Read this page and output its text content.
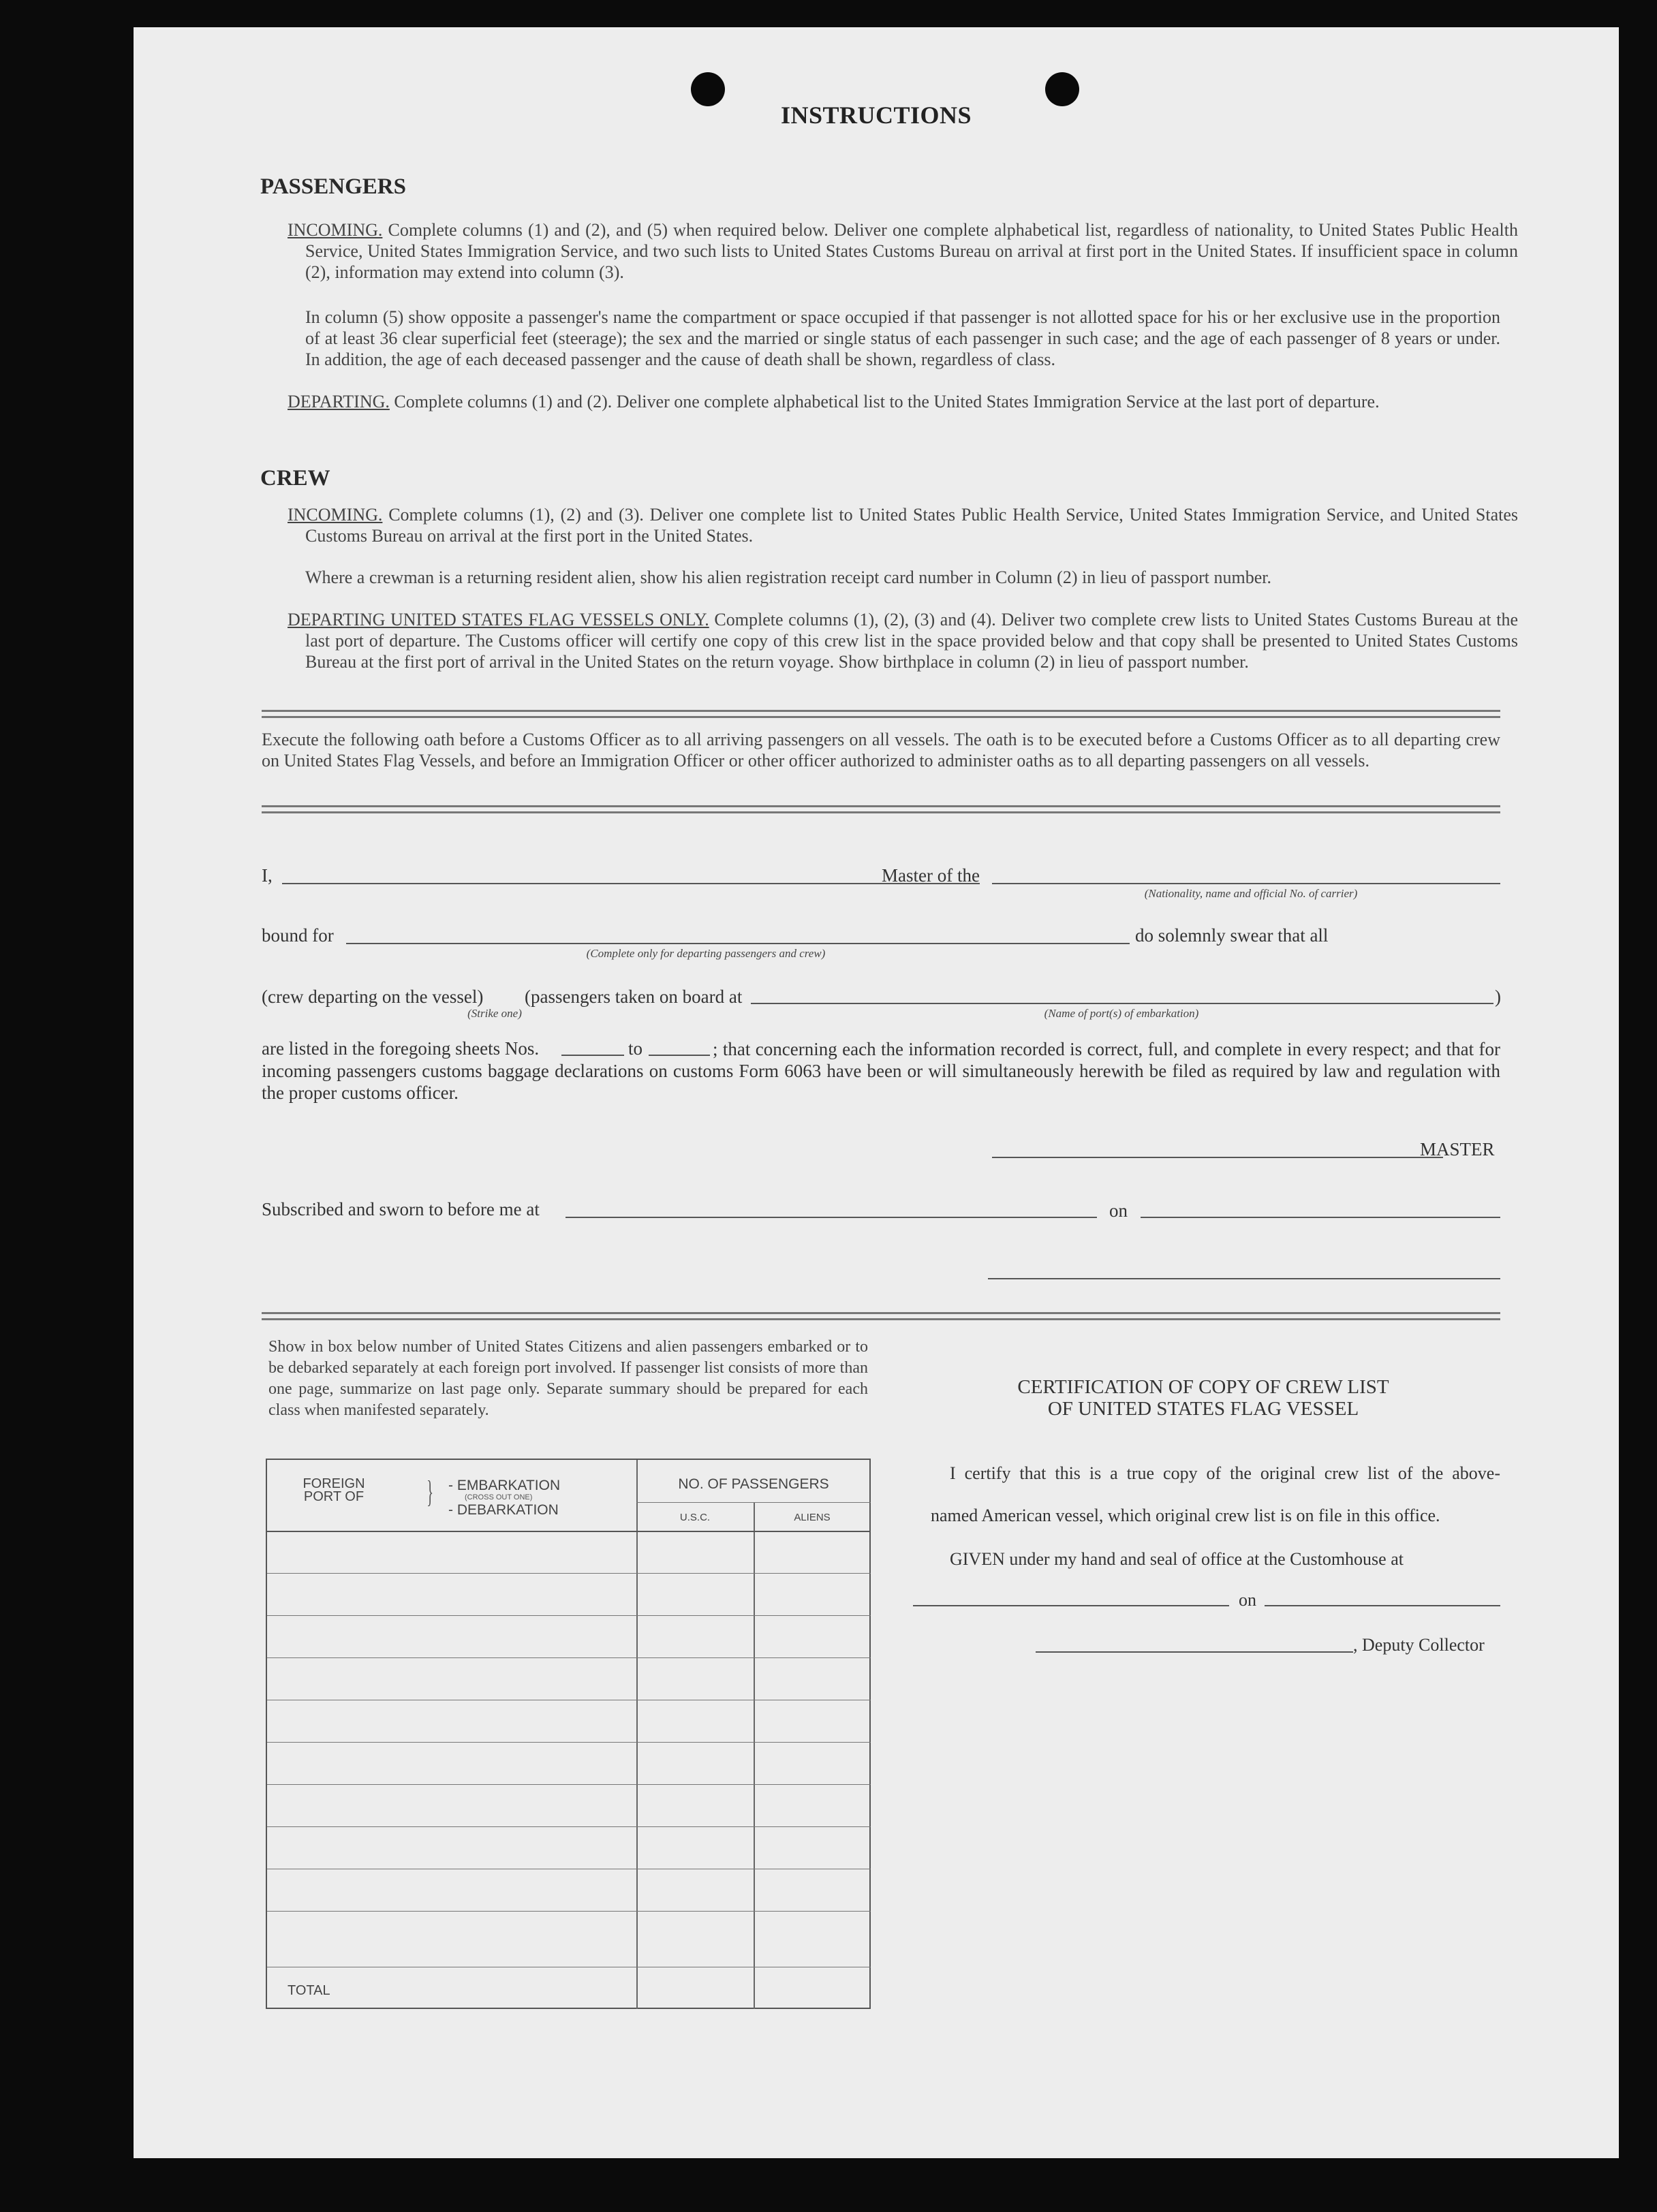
INSTRUCTIONS
PASSENGERS
INCOMING. Complete columns (1) and (2), and (5) when required below. Deliver one complete alphabetical list, regardless of nationality, to United States Public Health Service, United States Immigration Service, and two such lists to United States Customs Bureau on arrival at first port in the United States. If insufficient space in column (2), information may extend into column (3).
In column (5) show opposite a passenger's name the compartment or space occupied if that passenger is not allotted space for his or her exclusive use in the proportion of at least 36 clear superficial feet (steerage); the sex and the married or single status of each passenger in such case; and the age of each passenger of 8 years or under. In addition, the age of each deceased passenger and the cause of death shall be shown, regardless of class.
DEPARTING. Complete columns (1) and (2). Deliver one complete alphabetical list to the United States Immigration Service at the last port of departure.
CREW
INCOMING. Complete columns (1), (2) and (3). Deliver one complete list to United States Public Health Service, United States Immigration Service, and United States Customs Bureau on arrival at the first port in the United States.
Where a crewman is a returning resident alien, show his alien registration receipt card number in Column (2) in lieu of passport number.
DEPARTING UNITED STATES FLAG VESSELS ONLY. Complete columns (1), (2), (3) and (4). Deliver two complete crew lists to United States Customs Bureau at the last port of departure. The Customs officer will certify one copy of this crew list in the space provided below and that copy shall be presented to United States Customs Bureau at the first port of arrival in the United States on the return voyage. Show birthplace in column (2) in lieu of passport number.
Execute the following oath before a Customs Officer as to all arriving passengers on all vessels. The oath is to be executed before a Customs Officer as to all departing crew on United States Flag Vessels, and before an Immigration Officer or other officer authorized to administer oaths as to all departing passengers on all vessels.
I,	Master of the
(Nationality, name and official No. of carrier)
bound for
(Complete only for departing passengers and crew)
do solemnly swear that all
(crew departing on the vessel) (passengers taken on board at	)
(Strike one)	(Name of port(s) of embarkation)
are listed in the foregoing sheets Nos.	to	; that concerning each the information recorded is correct, full, and complete in every respect; and that for incoming passengers customs baggage declarations on customs Form 6063 have been or will simultaneously herewith be filed as required by law and regulation with the proper customs officer.
MASTER
Subscribed and sworn to before me at	on
Show in box below number of United States Citizens and alien passengers embarked or to be debarked separately at each foreign port involved. If passenger list consists of more than one page, summarize on last page only. Separate summary should be prepared for each class when manifested separately.
FOREIGN PORT OF	} - EMBARKATION
(CROSS OUT ONE)
- DEBARKATION
NO. OF PASSENGERS
U.S.C.	ALIENS
TOTAL
CERTIFICATION OF COPY OF CREW LIST
OF UNITED STATES FLAG VESSEL
I certify that this is a true copy of the original crew list of the above-
named American vessel, which original crew list is on file in this office.
GIVEN under my hand and seal of office at the Customhouse at
on
, Deputy Collector
